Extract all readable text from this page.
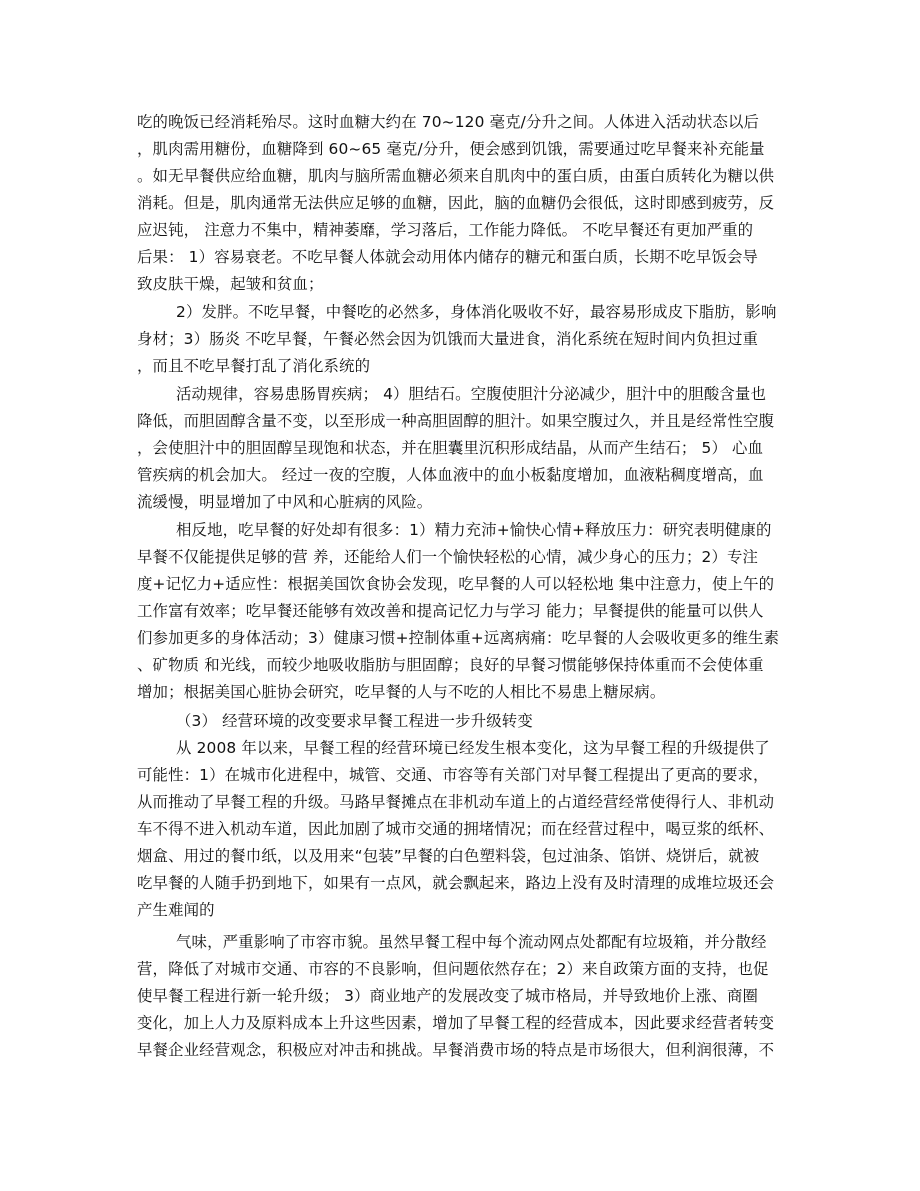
吃的晚饭已经消耗殆尽。这时血糖大约在 70~120 毫克/分升之间。人体进入活动状态以后
，肌肉需用糖份，血糖降到 60~65 毫克/分升，便会感到饥饿，需要通过吃早餐来补充能量
。如无早餐供应给血糖，肌肉与脑所需血糖必须来自肌肉中的蛋白质，由蛋白质转化为糖以供
消耗。但是，肌肉通常无法供应足够的血糖，因此，脑的血糖仍会很低，这时即感到疲劳，反
应迟钝， 注意力不集中，精神萎靡，学习落后，工作能力降低。 不吃早餐还有更加严重的
后果： 1）容易衰老。不吃早餐人体就会动用体内储存的糖元和蛋白质，长期不吃早饭会导
致皮肤干燥，起皱和贫血；
2）发胖。不吃早餐，中餐吃的必然多，身体消化吸收不好，最容易形成皮下脂肪，影响
身材；3）肠炎 不吃早餐，午餐必然会因为饥饿而大量进食，消化系统在短时间内负担过重
，而且不吃早餐打乱了消化系统的
活动规律，容易患肠胃疾病； 4）胆结石。空腹使胆汁分泌减少，胆汁中的胆酸含量也
降低，而胆固醇含量不变，以至形成一种高胆固醇的胆汁。如果空腹过久，并且是经常性空腹
，会使胆汁中的胆固醇呈现饱和状态，并在胆囊里沉积形成结晶，从而产生结石； 5） 心血
管疾病的机会加大。 经过一夜的空腹，人体血液中的血小板黏度增加，血液粘稠度增高，血
流缓慢，明显增加了中风和心脏病的风险。
相反地，吃早餐的好处却有很多：1）精力充沛+愉快心情+释放压力：研究表明健康的
早餐不仅能提供足够的营 养，还能给人们一个愉快轻松的心情，减少身心的压力；2）专注
度+记忆力+适应性：根据美国饮食协会发现，吃早餐的人可以轻松地 集中注意力，使上午的
工作富有效率；吃早餐还能够有效改善和提高记忆力与学习 能力；早餐提供的能量可以供人
们参加更多的身体活动；3）健康习惯+控制体重+远离病痛：吃早餐的人会吸收更多的维生素
、矿物质 和光线，而较少地吸收脂肪与胆固醇；良好的早餐习惯能够保持体重而不会使体重
增加；根据美国心脏协会研究，吃早餐的人与不吃的人相比不易患上糖尿病。
（3） 经营环境的改变要求早餐工程进一步升级转变
从 2008 年以来，早餐工程的经营环境已经发生根本变化，这为早餐工程的升级提供了
可能性：1）在城市化进程中，城管、交通、市容等有关部门对早餐工程提出了更高的要求，
从而推动了早餐工程的升级。马路早餐摊点在非机动车道上的占道经营经常使得行人、非机动
车不得不进入机动车道，因此加剧了城市交通的拥堵情况；而在经营过程中，喝豆浆的纸杯、
烟盒、用过的餐巾纸，以及用来“包装”早餐的白色塑料袋，包过油条、馅饼、烧饼后，就被
吃早餐的人随手扔到地下，如果有一点风，就会飘起来，路边上没有及时清理的成堆垃圾还会
产生难闻的
气味，严重影响了市容市貌。虽然早餐工程中每个流动网点处都配有垃圾箱，并分散经
营，降低了对城市交通、市容的不良影响，但问题依然存在；2）来自政策方面的支持，也促
使早餐工程进行新一轮升级； 3）商业地产的发展改变了城市格局，并导致地价上涨、商圈
变化，加上人力及原料成本上升这些因素，增加了早餐工程的经营成本，因此要求经营者转变
早餐企业经营观念，积极应对冲击和挑战。早餐消费市场的特点是市场很大，但利润很薄，不
